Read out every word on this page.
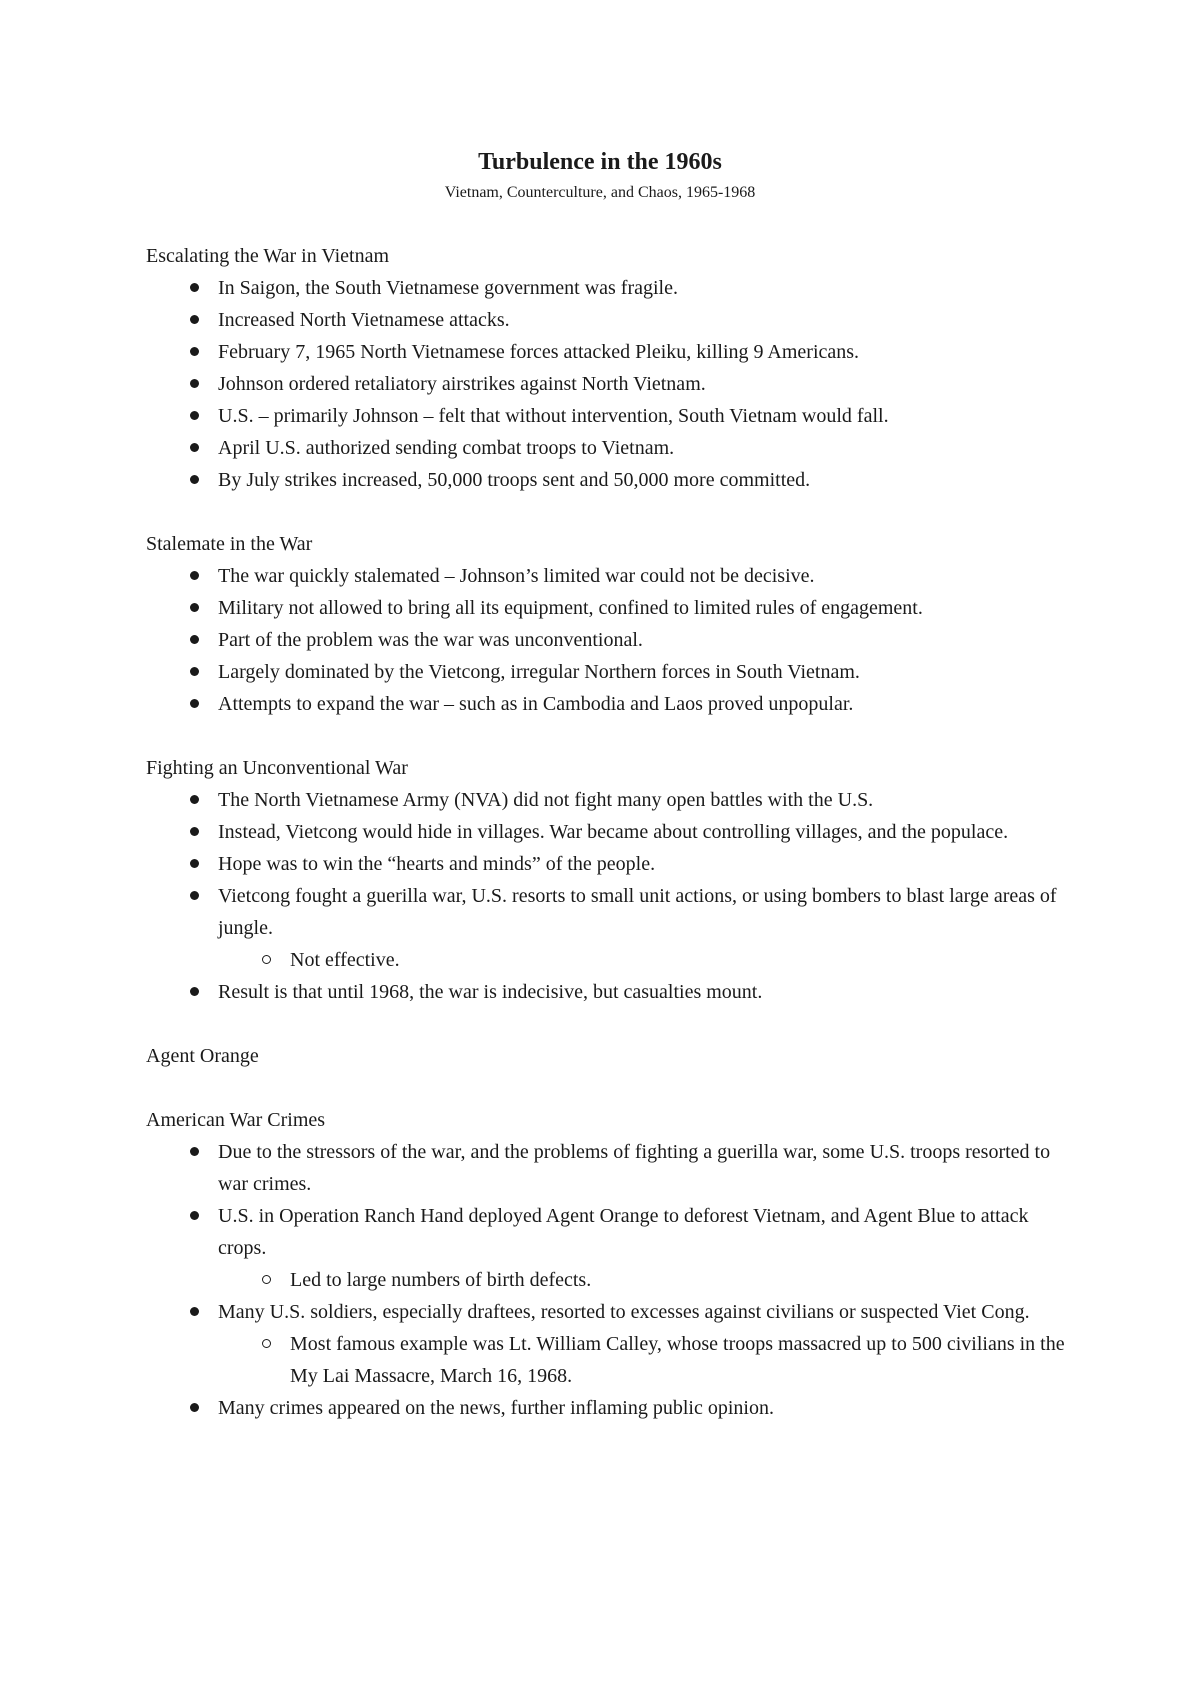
Turbulence in the 1960s
Vietnam, Counterculture, and Chaos, 1965-1968

Escalating the War in Vietnam

In Saigon, the South Vietnamese government was fragile.
Increased North Vietnamese attacks.
February 7, 1965 North Vietnamese forces attacked Pleiku, killing 9 Americans.
Johnson ordered retaliatory airstrikes against North Vietnam.
U.S. – primarily Johnson – felt that without intervention, South Vietnam would fall.
April U.S. authorized sending combat troops to Vietnam.
By July strikes increased, 50,000 troops sent and 50,000 more committed.

Stalemate in the War

The war quickly stalemated – Johnson’s limited war could not be decisive.
Military not allowed to bring all its equipment, confined to limited rules of engagement.
Part of the problem was the war was unconventional.
Largely dominated by the Vietcong, irregular Northern forces in South Vietnam.
Attempts to expand the war – such as in Cambodia and Laos proved unpopular.

Fighting an Unconventional War

The North Vietnamese Army (NVA) did not fight many open battles with the U.S.
Instead, Vietcong would hide in villages. War became about controlling villages, and the populace.
Hope was to win the “hearts and minds” of the people.
Vietcong fought a guerilla war, U.S. resorts to small unit actions, or using bombers to blast large areas of jungle.
Not effective.
Result is that until 1968, the war is indecisive, but casualties mount.

Agent Orange

American War Crimes

Due to the stressors of the war, and the problems of fighting a guerilla war, some U.S. troops resorted to war crimes.
U.S. in Operation Ranch Hand deployed Agent Orange to deforest Vietnam, and Agent Blue to attack crops.
Led to large numbers of birth defects.
Many U.S. soldiers, especially draftees, resorted to excesses against civilians or suspected Viet Cong.
Most famous example was Lt. William Calley, whose troops massacred up to 500 civilians in the My Lai Massacre, March 16, 1968.
Many crimes appeared on the news, further inflaming public opinion.
